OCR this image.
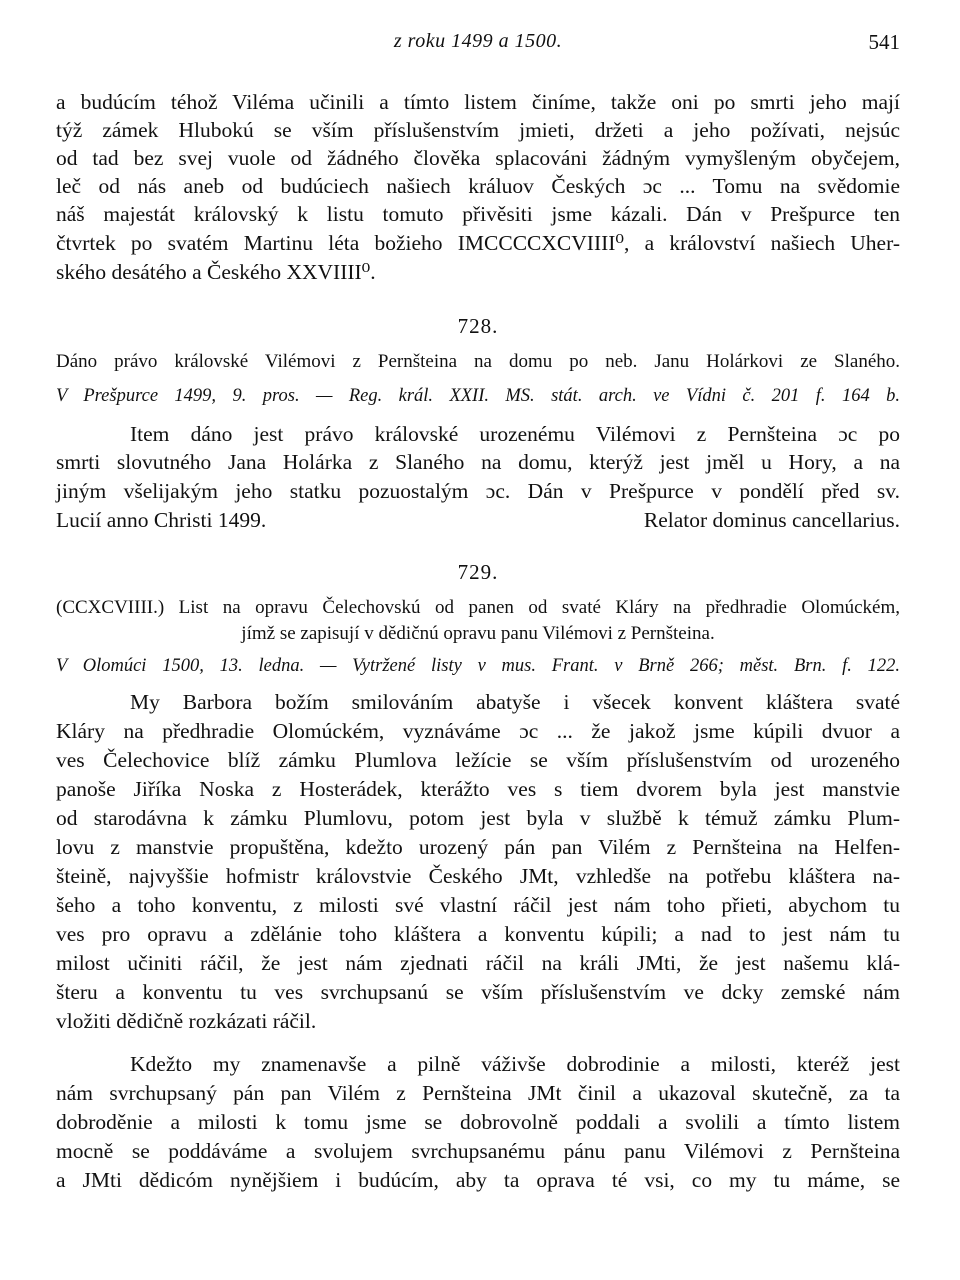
z roku 1499 a 1500.	541
a budúcím téhož Viléma učinili a tímto listem činíme, takže oni po smrti jeho mají
týž zámek Hlubokú se vším příslušenstvím jmieti, držeti a jeho požívati, nejsúc
od tad bez svej vuole od žádného člověka splacováni žádným vymyšleným obyčejem,
leč od nás aneb od budúciech našiech králuov Českých ɔc ... Tomu na svědomie
náš majestát královský k listu tomuto přivěsiti jsme kázali. Dán v Prešpurce ten
čtvrtek po svatém Martinu léta božieho IMCCCCXCVIIII⁰, a království našiech Uher-
ského desátého a Českého XXVIIII⁰.
728.
Dáno právo královské Vilémovi z Pernšteina na domu po neb. Janu Holárkovi ze Slaného.
V Prešpurce 1499, 9. pros. — Reg. král. XXII. MS. stát. arch. ve Vídni č. 201 f. 164 b.
Item dáno jest právo královské urozenému Vilémovi z Pernšteina ɔc po
smrti slovutného Jana Holárka z Slaného na domu, kterýž jest jměl u Hory, a na
jiným všelijakým jeho statku pozuostalým ɔc. Dán v Prešpurce v pondělí před sv.
Lucií anno Christi 1499.	Relator dominus cancellarius.
729.
(CCXCVIIII.) List na opravu Čelechovskú od panen od svaté Kláry na předhradie Olomúckém,
jímž se zapisují v dědičnú opravu panu Vilémovi z Pernšteina.
V Olomúci 1500, 13. ledna. — Vytržené listy v mus. Frant. v Brně 266; měst. Brn. f. 122.
My Barbora božím smilováním abatyše i všecek konvent kláštera svaté
Kláry na předhradie Olomúckém, vyznáváme ɔc ... že jakož jsme kúpili dvuor a
ves Čelechovice blíž zámku Plumlova ležície se vším příslušenstvím od urozeného
panoše Jiříka Noska z Hosterádek, kterážto ves s tiem dvorem byla jest manstvie
od starodávna k zámku Plumlovu, potom jest byla v službě k témuž zámku Plum-
lovu z manstvie propuštěna, kdežto urozený pán pan Vilém z Pernšteina na Helfen-
šteině, najvyššie hofmistr královstvie Českého JMt, vzhledše na potřebu kláštera na-
šeho a toho konventu, z milosti své vlastní ráčil jest nám toho přieti, abychom tu
ves pro opravu a zdělánie toho kláštera a konventu kúpili; a nad to jest nám tu
milost učiniti ráčil, že jest nám zjednati ráčil na králi JMti, že jest našemu klá-
šteru a konventu tu ves svrchupsanú se vším příslušenstvím ve dcky zemské nám
vložiti dědičně rozkázati ráčil.
Kdežto my znamenavše a pilně váživše dobrodinie a milosti, kteréž jest
nám svrchupsaný pán pan Vilém z Pernšteina JMt činil a ukazoval skutečně, za ta
dobroděnie a milosti k tomu jsme se dobrovolně poddali a svolili a tímto listem
mocně se poddáváme a svolujem svrchupsanému pánu panu Vilémovi z Pernšteina
a JMti dědicóm nynějšiem i budúcím, aby ta oprava té vsi, co my tu máme, se
